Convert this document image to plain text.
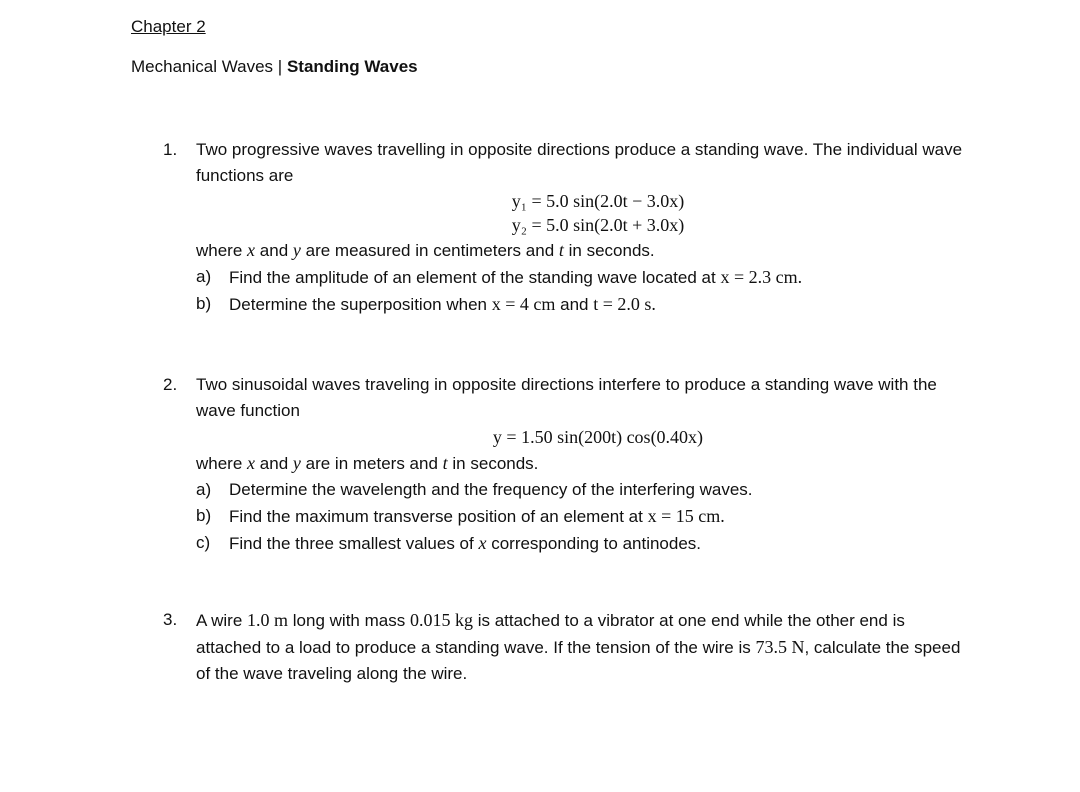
Chapter 2
Mechanical Waves | Standing Waves
1. Two progressive waves travelling in opposite directions produce a standing wave. The individual wave functions are
y₁ = 5.0 sin(2.0t − 3.0x)
y₂ = 5.0 sin(2.0t + 3.0x)
where x and y are measured in centimeters and t in seconds.
a) Find the amplitude of an element of the standing wave located at x = 2.3 cm.
b) Determine the superposition when x = 4 cm and t = 2.0 s.
2. Two sinusoidal waves traveling in opposite directions interfere to produce a standing wave with the wave function
y = 1.50 sin(200t) cos(0.40x)
where x and y are in meters and t in seconds.
a) Determine the wavelength and the frequency of the interfering waves.
b) Find the maximum transverse position of an element at x = 15 cm.
c) Find the three smallest values of x corresponding to antinodes.
3. A wire 1.0 m long with mass 0.015 kg is attached to a vibrator at one end while the other end is attached to a load to produce a standing wave. If the tension of the wire is 73.5 N, calculate the speed of the wave traveling along the wire.
